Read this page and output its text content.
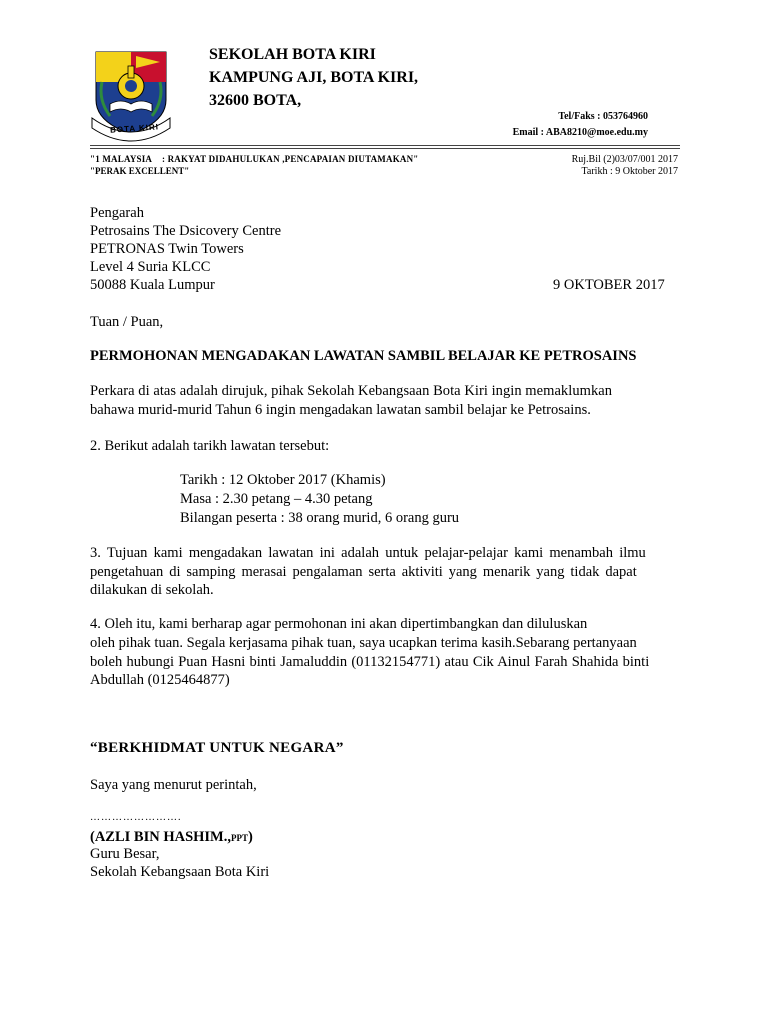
BOTA KIRI
SEKOLAH BOTA KIRI
KAMPUNG AJI, BOTA KIRI,
32600 BOTA,
Tel/Faks : 053764960
Email : ABA8210@moe.edu.my
"1 MALAYSIA : RAKYAT DIDAHULUKAN ,PENCAPAIAN DIUTAMAKAN"
"PERAK EXCELLENT"
Ruj.Bil (2)03/07/001 2017
Tarikh : 9 Oktober 2017
Pengarah
Petrosains The Dsicovery Centre
PETRONAS Twin Towers
Level 4 Suria KLCC
50088 Kuala Lumpur	9 OKTOBER 2017
Tuan / Puan,
PERMOHONAN MENGADAKAN LAWATAN SAMBIL BELAJAR KE PETROSAINS
Perkara di atas adalah dirujuk, pihak Sekolah Kebangsaan Bota Kiri ingin memaklumkan
bahawa murid-murid Tahun 6 ingin mengadakan lawatan sambil belajar ke Petrosains.
2. Berikut adalah tarikh lawatan tersebut:
Tarikh : 12 Oktober 2017 (Khamis)
Masa : 2.30 petang – 4.30 petang
Bilangan peserta : 38 orang murid, 6 orang guru
3. Tujuan kami mengadakan lawatan ini adalah untuk pelajar-pelajar kami menambah ilmu
pengetahuan di samping merasai pengalaman serta aktiviti yang menarik yang tidak dapat
dilakukan di sekolah.
4. Oleh itu, kami berharap agar permohonan ini akan dipertimbangkan dan diluluskan
oleh pihak tuan. Segala kerjasama pihak tuan, saya ucapkan terima kasih.Sebarang pertanyaan
boleh hubungi Puan Hasni binti Jamaluddin (01132154771) atau Cik Ainul Farah Shahida binti
Abdullah (0125464877)
“BERKHIDMAT UNTUK NEGARA”
Saya yang menurut perintah,
…………………….
(AZLI BIN HASHIM.,PPT)
Guru Besar,
Sekolah Kebangsaan Bota Kiri
